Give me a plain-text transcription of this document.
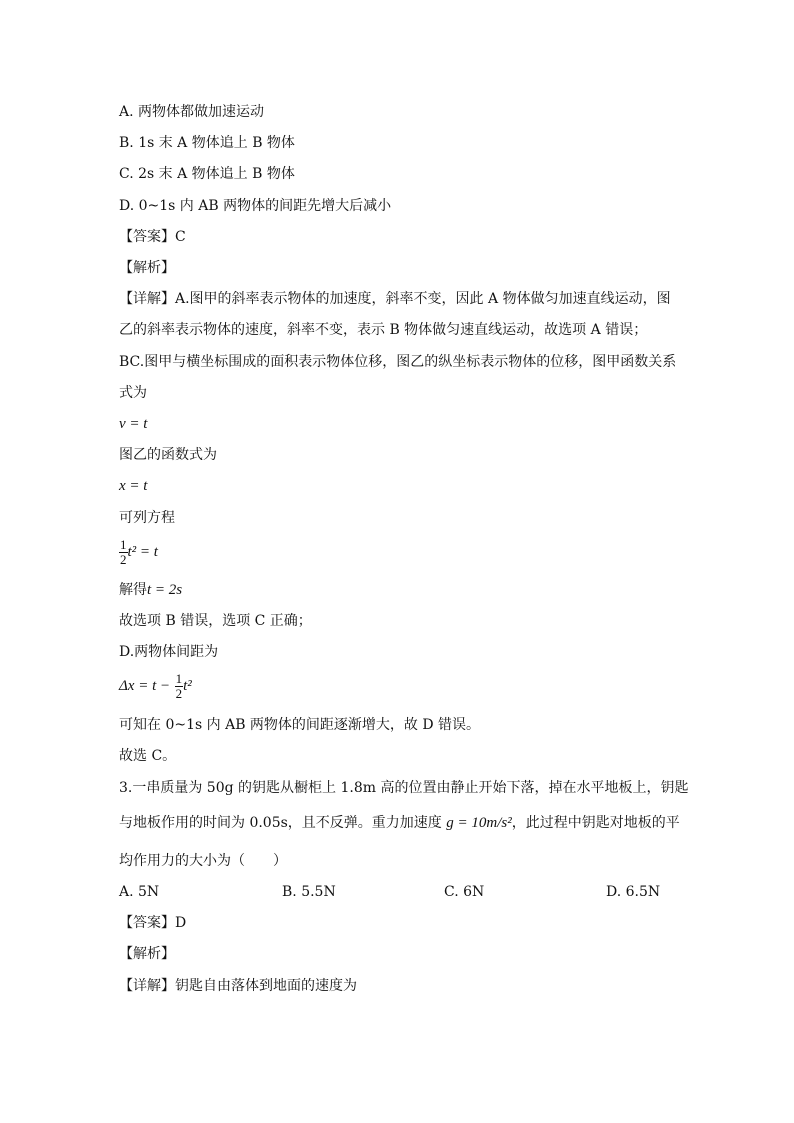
A. 两物体都做加速运动
B. 1s 末 A 物体追上 B 物体
C. 2s 末 A 物体追上 B 物体
D. 0~1s 内 AB 两物体的间距先增大后减小
【答案】C
【解析】
【详解】A.图甲的斜率表示物体的加速度，斜率不变，因此 A 物体做匀加速直线运动，图
乙的斜率表示物体的速度，斜率不变，表示 B 物体做匀速直线运动，故选项 A 错误；
BC.图甲与横坐标围成的面积表示物体位移，图乙的纵坐标表示物体的位移，图甲函数关系
式为
v = t
图乙的函数式为
x = t
可列方程
$\frac{1}{2} t^2 = t$
解得t = 2s
故选项 B 错误，选项 C 正确；
D.两物体间距为
$\Delta x = t - \frac{1}{2} t^2$
可知在 0~1s 内 AB 两物体的间距逐渐增大，故 D 错误。
故选 C。
3.一串质量为 50g 的钥匙从橱柜上 1.8m 高的位置由静止开始下落，掉在水平地板上，钥匙
与地板作用的时间为 0.05s，且不反弹。重力加速度 g = 10m/s²，此过程中钥匙对地板的平
均作用力的大小为（　　）
A. 5N	B. 5.5N	C. 6N	D. 6.5N
【答案】D
【解析】
【详解】钥匙自由落体到地面的速度为
